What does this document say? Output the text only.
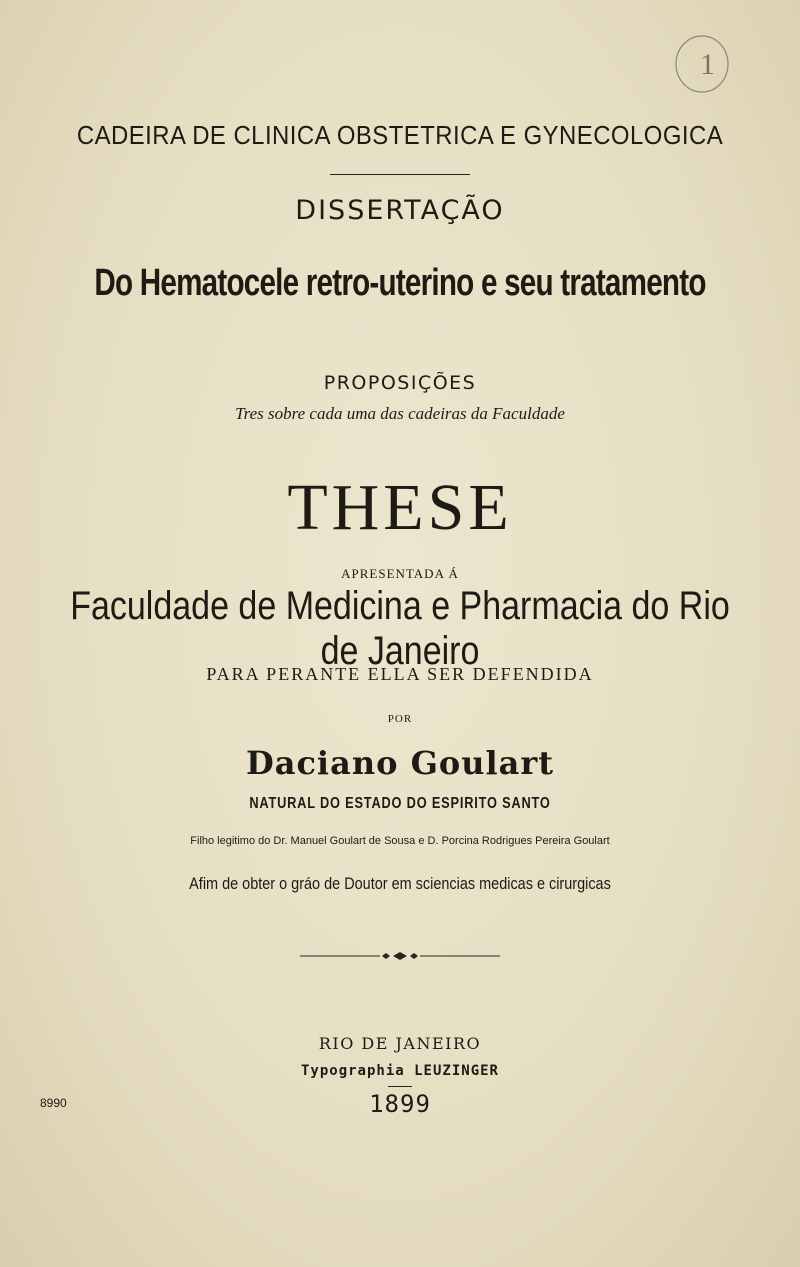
1
CADEIRA DE CLINICA OBSTETRICA E GYNECOLOGICA
DISSERTAÇÃO
Do Hematocele retro-uterino e seu tratamento
PROPOSIÇÕES
Tres sobre cada uma das cadeiras da Faculdade
THESE
APRESENTADA Á
Faculdade de Medicina e Pharmacia do Rio de Janeiro
PARA PERANTE ELLA SER DEFENDIDA
POR
Daciano Goulart
NATURAL DO ESTADO DO ESPIRITO SANTO
Filho legitimo do Dr. Manuel Goulart de Sousa e D. Porcina Rodrigues Pereira Goulart
Afim de obter o gráo de Doutor em sciencias medicas e cirurgicas
RIO DE JANEIRO
Typographia LEUZINGER
1899
8990
